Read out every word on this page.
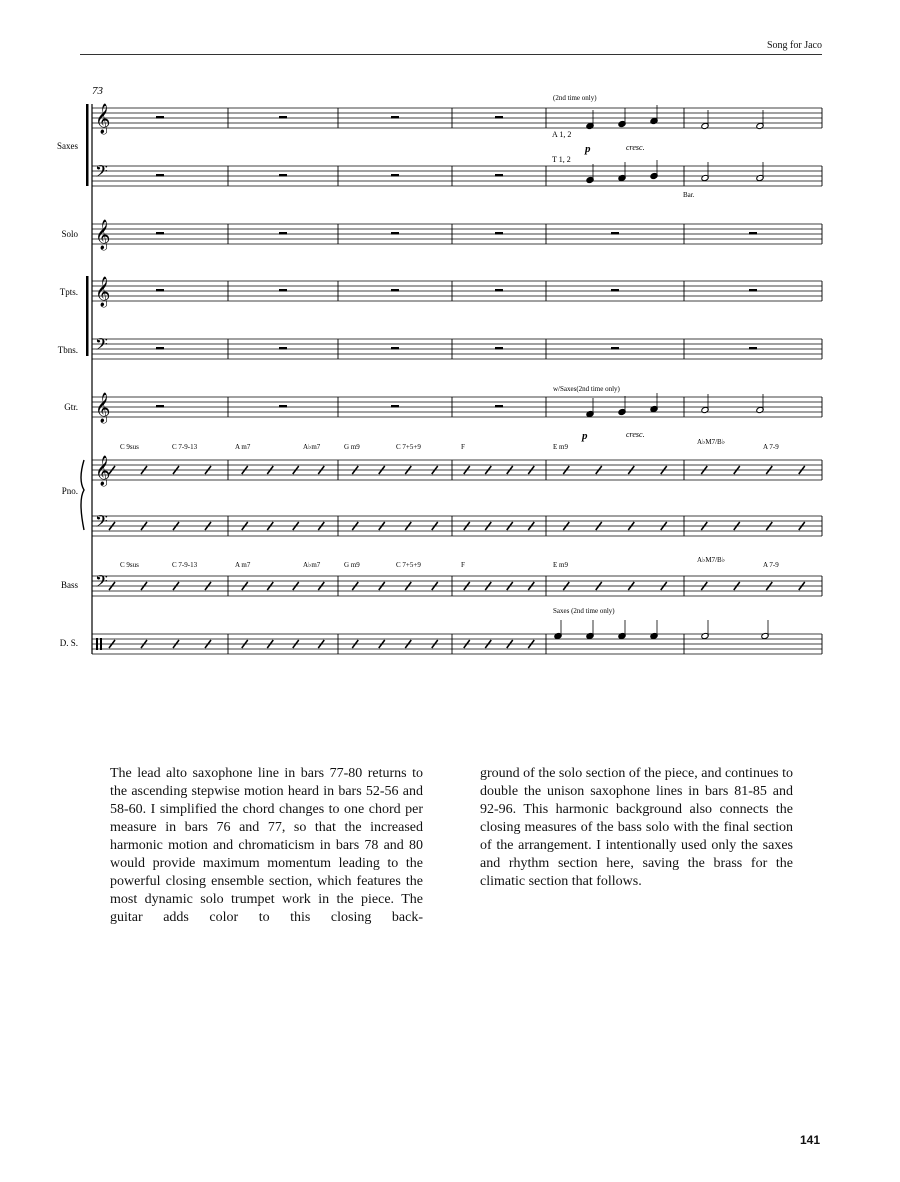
Song for Jaco
73
Saxes
Solo
Tpts.
Tbns.
Gtr.
Pno.
Bass
D. S.
𝄞
𝄢
𝄞
𝄞
𝄢
𝄞
𝄞
𝄢
𝄢
(2nd time only)
A 1, 2
T 1, 2
p	cresc.
Bar.
w/Saxes(2nd time only)
p	cresc.
Saxes (2nd time only)
C 9sus	C 7-9-13	A m7	A♭m7	G m9	C 7+5+9	F	E m9
A♭M7/B♭
A 7-9
C 9sus	C 7-9-13	A m7	A♭m7	G m9	C 7+5+9	F	E m9
A♭M7/B♭
A 7-9
The lead alto saxophone line in bars 77-80 returns to the ascending stepwise motion heard in bars 52-56 and 58-60. I simplified the chord changes to one chord per measure in bars 76 and 77, so that the increased harmonic motion and chromaticism in bars 78 and 80 would provide maximum momentum leading to the powerful closing ensemble section, which features the most dynamic solo trumpet work in the piece. The guitar adds color to this closing back-
ground of the solo section of the piece, and continues to double the unison saxophone lines in bars 81-85 and 92-96. This harmonic background also connects the closing measures of the bass solo with the final section of the arrangement. I intentionally used only the saxes and rhythm section here, saving the brass for the climatic section that follows.
141
